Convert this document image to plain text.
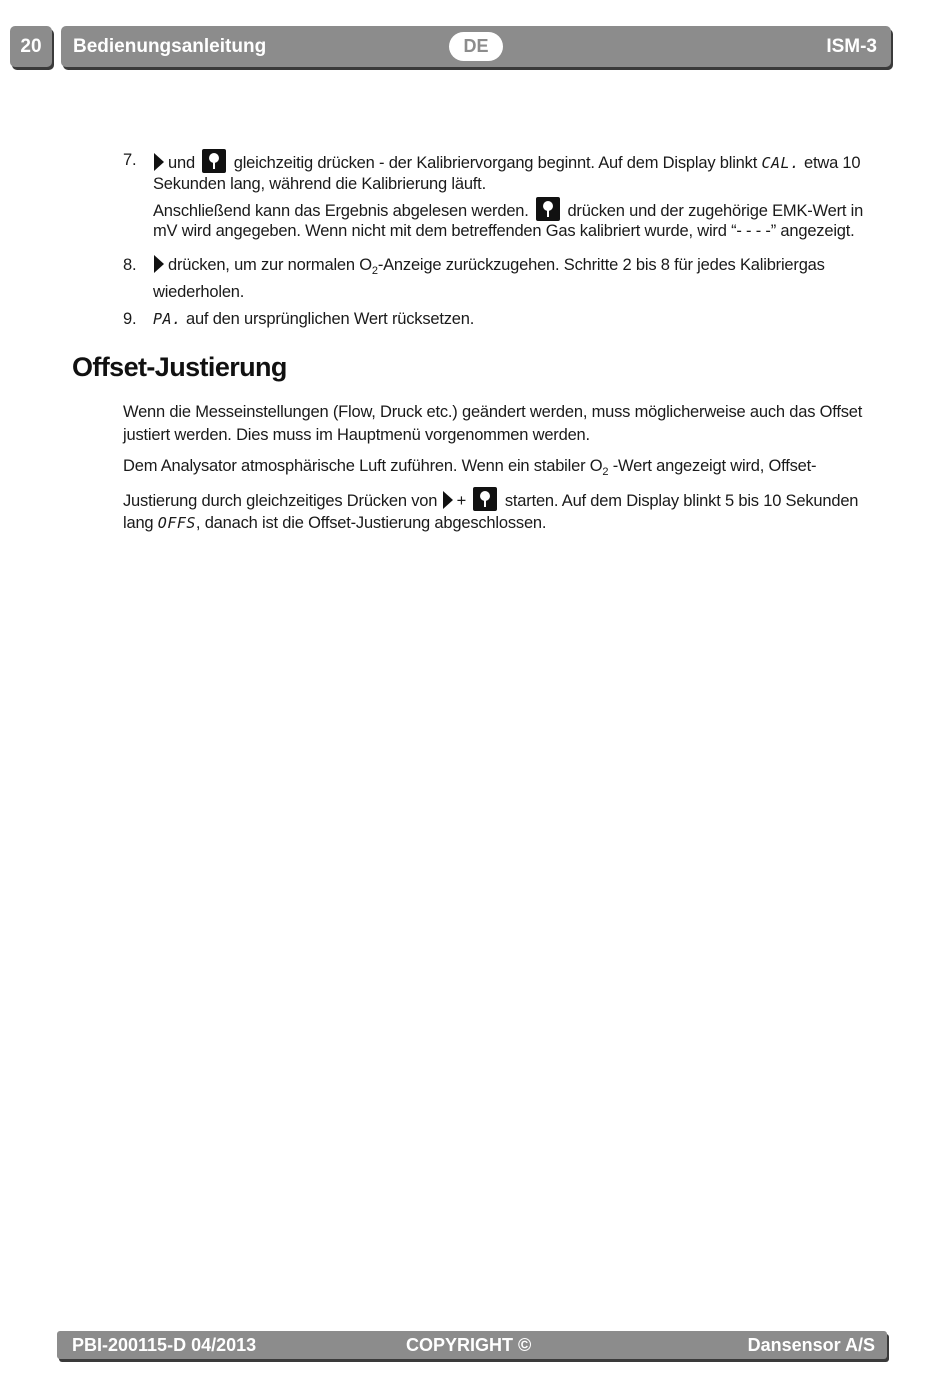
20	Bedienungsanleitung	DE	ISM-3
7.	und gleichzeitig drücken - der Kalibriervorgang beginnt. Auf dem Display blinkt CAL. etwa 10
Sekunden lang, während die Kalibrierung läuft.
Anschließend kann das Ergebnis abgelesen werden. drücken und der zugehörige EMK-Wert in
mV wird angegeben. Wenn nicht mit dem betreffenden Gas kalibriert wurde, wird “- - - -” angezeigt.
8.	drücken, um zur normalen $O_2$-Anzeige zurückzugehen. Schritte 2 bis 8 für jedes Kalibriergas
wiederholen.
9. PA. auf den ursprünglichen Wert rücksetzen.
Offset-Justierung
Wenn die Messeinstellungen (Flow, Druck etc.) geändert werden, muss möglicherweise auch das Offset
justiert werden. Dies muss im Hauptmenü vorgenommen werden.
Dem Analysator atmosphärische Luft zuführen. Wenn ein stabiler $O_2$ -Wert angezeigt wird, Offset-
Justierung durch gleichzeitiges Drücken von + starten. Auf dem Display blinkt 5 bis 10 Sekunden
lang OFFS, danach ist die Offset-Justierung abgeschlossen.
PBI-200115-D 04/2013	COPYRIGHT ©	Dansensor A/S
